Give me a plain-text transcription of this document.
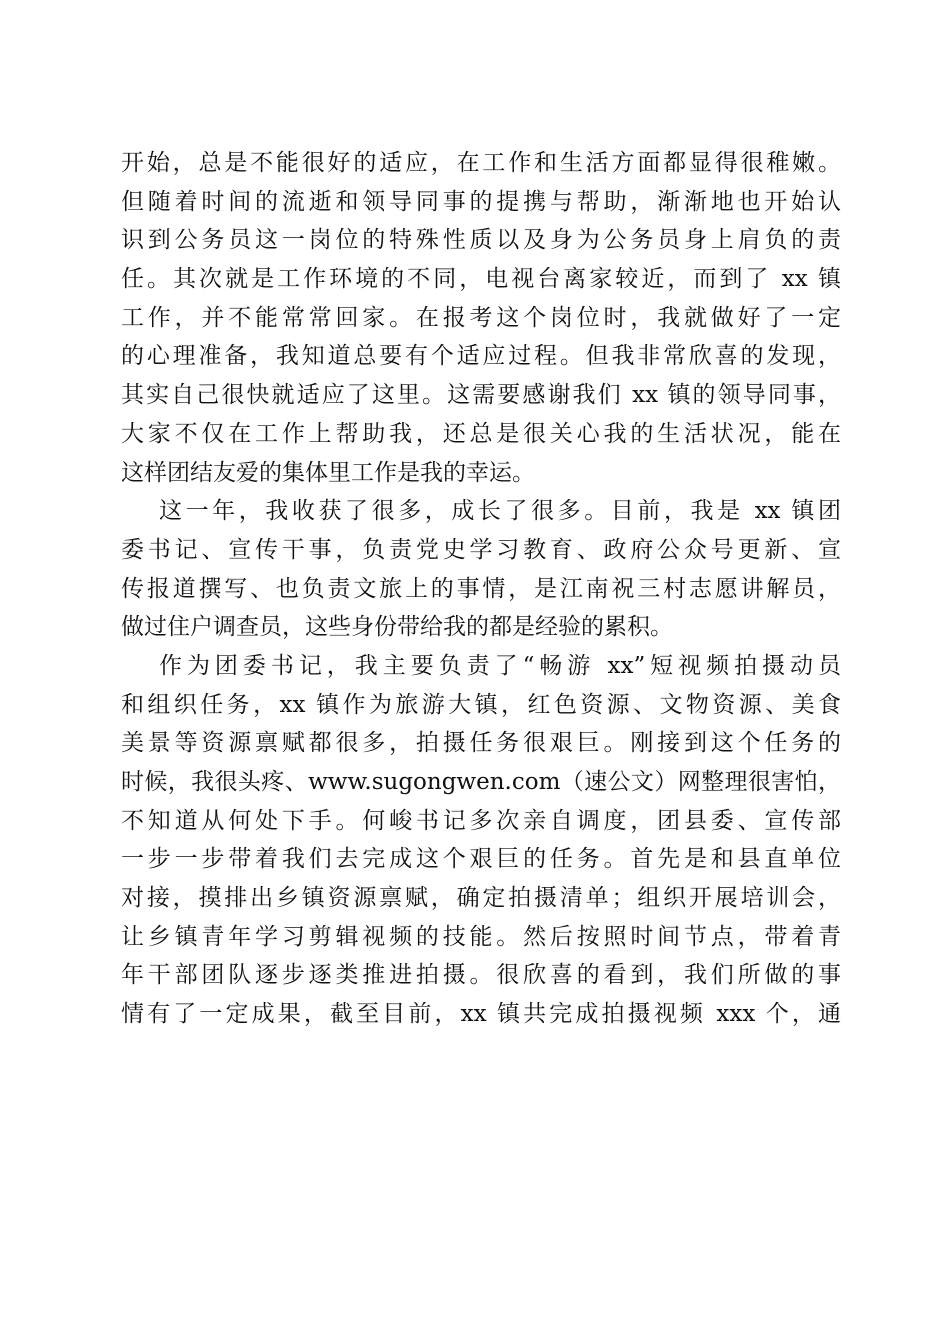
开始，总是不能很好的适应，在工作和生活方面都显得很稚嫩。
但随着时间的流逝和领导同事的提携与帮助，渐渐地也开始认
识到公务员这一岗位的特殊性质以及身为公务员身上肩负的责
任。其次就是工作环境的不同，电视台离家较近，而到了 xx 镇
工作，并不能常常回家。在报考这个岗位时，我就做好了一定
的心理准备，我知道总要有个适应过程。但我非常欣喜的发现，
其实自己很快就适应了这里。这需要感谢我们 xx 镇的领导同事，
大家不仅在工作上帮助我，还总是很关心我的生活状况，能在
这样团结友爱的集体里工作是我的幸运。
这一年，我收获了很多，成长了很多。目前，我是 xx 镇团
委书记、宣传干事，负责党史学习教育、政府公众号更新、宣
传报道撰写、也负责文旅上的事情，是江南祝三村志愿讲解员，
做过住户调查员，这些身份带给我的都是经验的累积。
作为团委书记，我主要负责了“畅游 xx”短视频拍摄动员
和组织任务，xx 镇作为旅游大镇，红色资源、文物资源、美食
美景等资源禀赋都很多，拍摄任务很艰巨。刚接到这个任务的
时候，我很头疼、www.sugongwen.com（速公文）网整理很害怕，
不知道从何处下手。何峻书记多次亲自调度，团县委、宣传部
一步一步带着我们去完成这个艰巨的任务。首先是和县直单位
对接，摸排出乡镇资源禀赋，确定拍摄清单；组织开展培训会，
让乡镇青年学习剪辑视频的技能。然后按照时间节点，带着青
年干部团队逐步逐类推进拍摄。很欣喜的看到，我们所做的事
情有了一定成果，截至目前，xx 镇共完成拍摄视频 xxx 个，通
